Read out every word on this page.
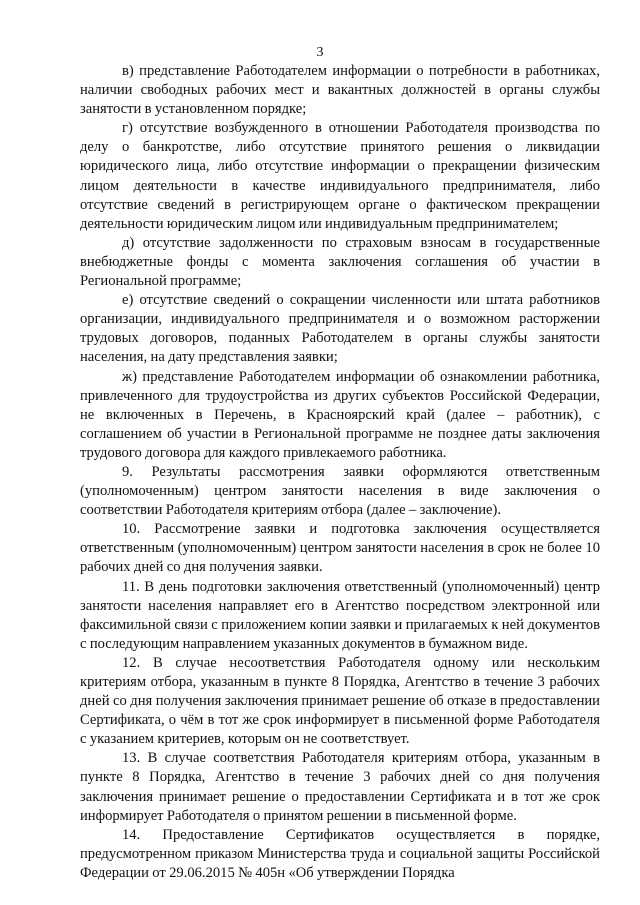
3

в) представление Работодателем информации о потребности в работниках, наличии свободных рабочих мест и вакантных должностей в органы службы занятости в установленном порядке;

г) отсутствие возбужденного в отношении Работодателя производства по делу о банкротстве, либо отсутствие принятого решения о ликвидации юридического лица, либо отсутствие информации о прекращении физическим лицом деятельности в качестве индивидуального предпринимателя, либо отсутствие сведений в регистрирующем органе о фактическом прекращении деятельности юридическим лицом или индивидуальным предпринимателем;

д) отсутствие задолженности по страховым взносам в государственные внебюджетные фонды с момента заключения соглашения об участии в Региональной программе;

е) отсутствие сведений о сокращении численности или штата работников организации, индивидуального предпринимателя и о возможном расторжении трудовых договоров, поданных Работодателем в органы службы занятости населения, на дату представления заявки;

ж) представление Работодателем информации об ознакомлении работника, привлеченного для трудоустройства из других субъектов Российской Федерации, не включенных в Перечень, в Красноярский край (далее – работник), с соглашением об участии в Региональной программе не позднее даты заключения трудового договора для каждого привлекаемого работника.

9. Результаты рассмотрения заявки оформляются ответственным (уполномоченным) центром занятости населения в виде заключения о соответствии Работодателя критериям отбора (далее – заключение).

10. Рассмотрение заявки и подготовка заключения осуществляется ответственным (уполномоченным) центром занятости населения в срок не более 10 рабочих дней со дня получения заявки.

11. В день подготовки заключения ответственный (уполномоченный) центр занятости населения направляет его в Агентство посредством электронной или факсимильной связи с приложением копии заявки и прилагаемых к ней документов с последующим направлением указанных документов в бумажном виде.

12. В случае несоответствия Работодателя одному или нескольким критериям отбора, указанным в пункте 8 Порядка, Агентство в течение 3 рабочих дней со дня получения заключения принимает решение об отказе в предоставлении Сертификата, о чём в тот же срок информирует в письменной форме Работодателя с указанием критериев, которым он не соответствует.

13. В случае соответствия Работодателя критериям отбора, указанным в пункте 8 Порядка, Агентство в течение 3 рабочих дней со дня получения заключения принимает решение о предоставлении Сертификата и в тот же срок информирует Работодателя о принятом решении в письменной форме.

14. Предоставление Сертификатов осуществляется в порядке, предусмотренном приказом Министерства труда и социальной защиты Российской Федерации от 29.06.2015 № 405н «Об утверждении Порядка
